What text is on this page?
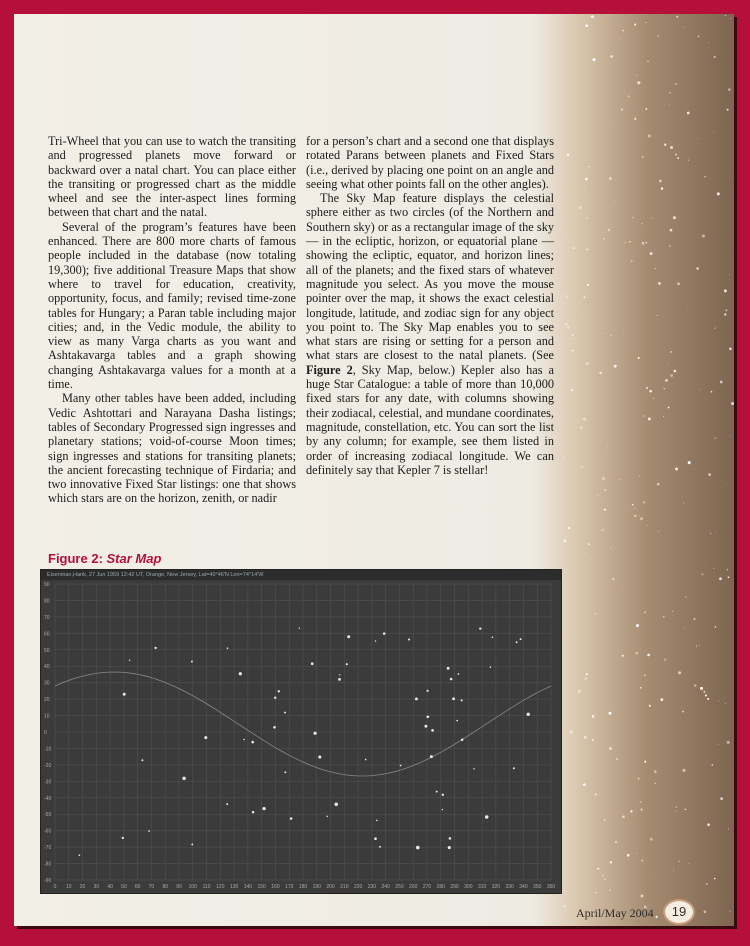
Tri-Wheel that you can use to watch the transiting and progressed planets move forward or backward over a natal chart. You can place either the transiting or progressed chart as the middle wheel and see the inter-aspect lines forming between that chart and the natal.

Several of the program’s features have been enhanced. There are 800 more charts of famous people included in the database (now totaling 19,300); five additional Treasure Maps that show where to travel for education, creativity, opportunity, focus, and family; revised time-zone tables for Hungary; a Paran table including major cities; and, in the Vedic module, the ability to view as many Varga charts as you want and Ashtakavarga tables and a graph showing changing Ashtakavarga values for a month at a time.

Many other tables have been added, including Vedic Ashtottari and Narayana Dasha listings; tables of Secondary Progressed sign ingresses and planetary stations; void-of-course Moon times; sign ingresses and stations for transiting planets; the ancient forecasting technique of Firdaria; and two innovative Fixed Star listings: one that shows which stars are on the horizon, zenith, or nadir

for a person’s chart and a second one that displays rotated Parans between planets and Fixed Stars (i.e., derived by placing one point on an angle and seeing what other points fall on the other angles).

The Sky Map feature displays the celestial sphere either as two circles (of the Northern and Southern sky) or as a rectangular image of the sky — in the ecliptic, horizon, or equatorial plane — showing the ecliptic, equator, and horizon lines; all of the planets; and the fixed stars of whatever magnitude you select. As you move the mouse pointer over the map, it shows the exact celestial longitude, latitude, and zodiac sign for any object you point to. The Sky Map enables you to see what stars are rising or setting for a person and what stars are closest to the natal planets. (See Figure 2, Sky Map, below.) Kepler also has a huge Star Catalogue: a table of more than 10,000 fixed stars for any date, with columns showing their zodiacal, celestial, and mundane coordinates, magnitude, constellation, etc. You can sort the list by any column; for example, see them listed in order of increasing zodiacal longitude. We can definitely say that Kepler 7 is stellar!

Figure 2: Star Map
Eisenman,Hank, 27 Jun 1959 12:42 UT, Orange, New Jersey, Lat=40°46'N Lon=74°14'W
0 10 20 30 40 50 60 70 80 90 100 110 120 130 140 150 160 170 180 190 200 210 220 230 240 250 260 270 280 290 300 310 320 330 340 350 360
90
80
70
60
50
40
30
20
10
0
-10
-20
-30
-40
-50
-60
-70
-80
-90
April/May 2004	19
